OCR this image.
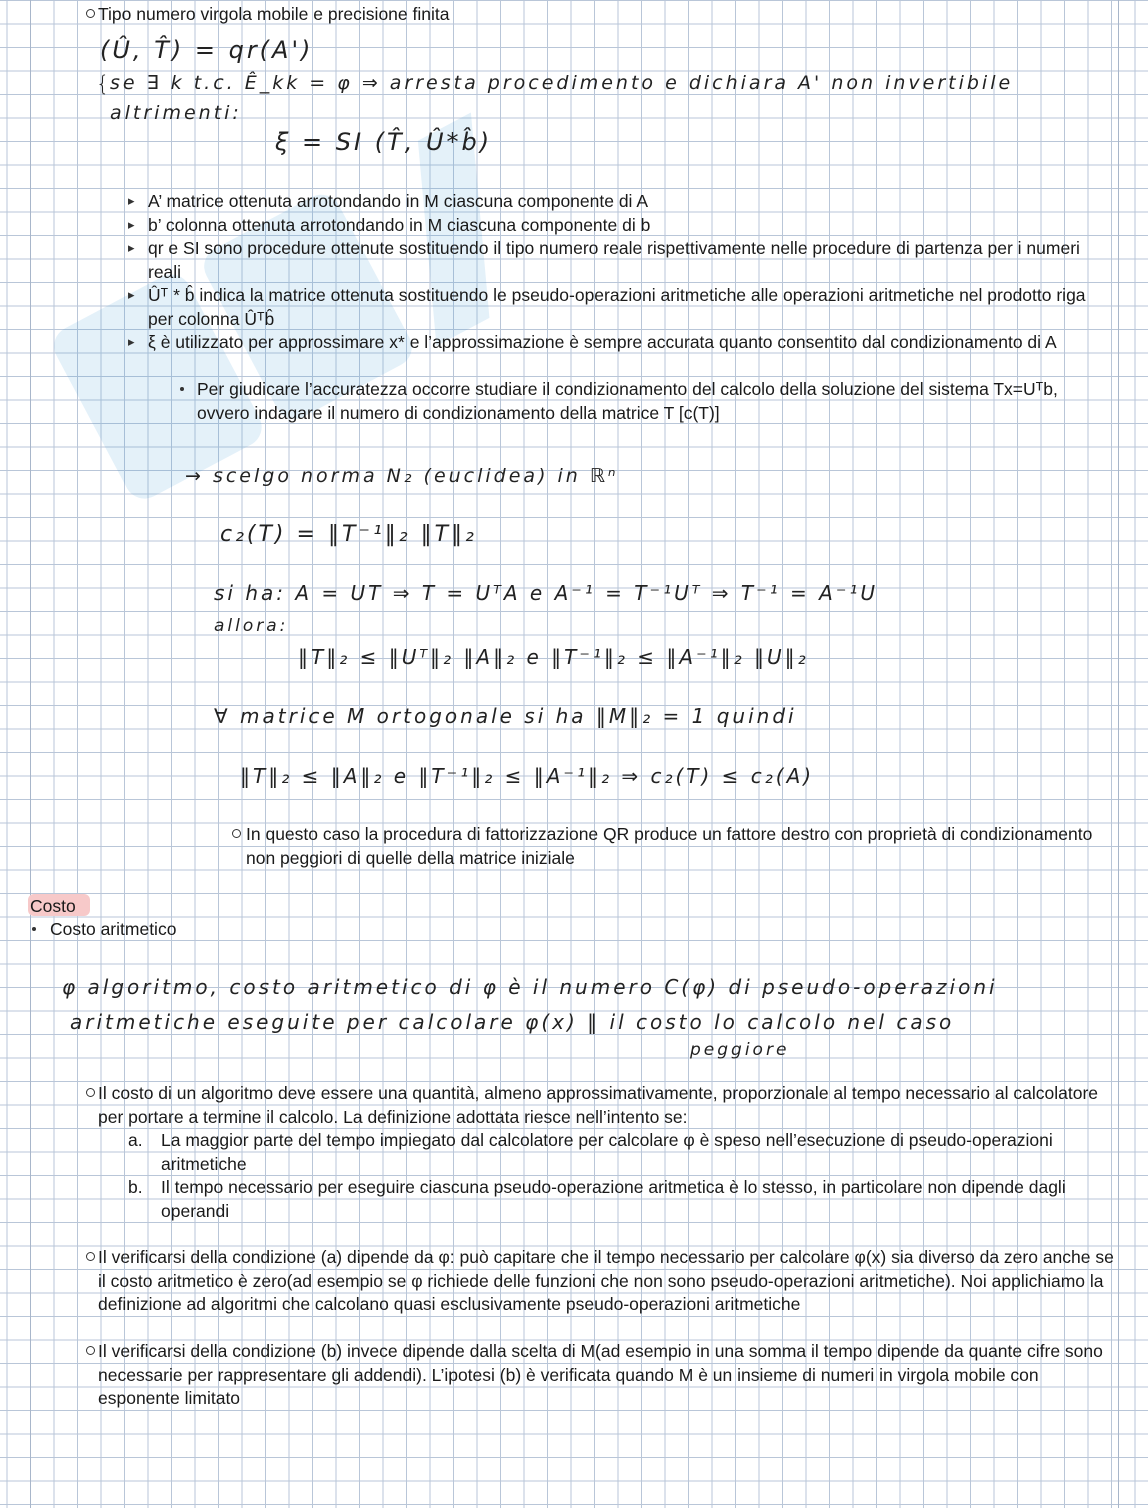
Tipo numero virgola mobile e precisione finita
(Û, T̂) = qr(A')
{
se ∃ k t.c. Ê_kk = φ ⇒ arresta procedimento e dichiara A' non invertibile
altrimenti:
ξ = SI (T̂, Û*b̂)
▸ A’ matrice ottenuta arrotondando in M ciascuna componente di A
▸ b’ colonna ottenuta arrotondando in M ciascuna componente di b
▸ qr e SI sono procedure ottenute sostituendo il tipo numero reale rispettivamente nelle procedure di partenza per i numeri reali
▸ Ûᵀ * b̂ indica la matrice ottenuta sostituendo le pseudo-operazioni aritmetiche alle operazioni aritmetiche nel prodotto riga per colonna Ûᵀb̂
▸ ξ è utilizzato per approssimare x* e l’approssimazione è sempre accurata quanto consentito dal condizionamento di A
Per giudicare l’accuratezza occorre studiare il condizionamento del calcolo della soluzione del sistema Tx=Uᵀb, ovvero indagare il numero di condizionamento della matrice T [c(T)]
→ scelgo norma N₂ (euclidea) in ℝⁿ
c₂(T) = ‖T⁻¹‖₂ ‖T‖₂
si ha: A = UT ⇒ T = UᵀA e A⁻¹ = T⁻¹Uᵀ ⇒ T⁻¹ = A⁻¹U
allora:
‖T‖₂ ≤ ‖Uᵀ‖₂ ‖A‖₂ e ‖T⁻¹‖₂ ≤ ‖A⁻¹‖₂ ‖U‖₂
∀ matrice M ortogonale si ha ‖M‖₂ = 1 quindi
‖T‖₂ ≤ ‖A‖₂ e ‖T⁻¹‖₂ ≤ ‖A⁻¹‖₂ ⇒ c₂(T) ≤ c₂(A)
In questo caso la procedura di fattorizzazione QR produce un fattore destro con proprietà di condizionamento non peggiori di quelle della matrice iniziale
Costo
Costo aritmetico
φ algoritmo, costo aritmetico di φ è il numero C(φ) di pseudo-operazioni
aritmetiche eseguite per calcolare φ(x) ‖ il costo lo calcolo nel caso
peggiore
Il costo di un algoritmo deve essere una quantità, almeno approssimativamente, proporzionale al tempo necessario al calcolatore per portare a termine il calcolo. La definizione adottata riesce nell’intento se:
a. La maggior parte del tempo impiegato dal calcolatore per calcolare φ è speso nell’esecuzione di pseudo-operazioni aritmetiche
b. Il tempo necessario per eseguire ciascuna pseudo-operazione aritmetica è lo stesso, in particolare non dipende dagli operandi
Il verificarsi della condizione (a) dipende da φ: può capitare che il tempo necessario per calcolare φ(x) sia diverso da zero anche se il costo aritmetico è zero(ad esempio se φ richiede delle funzioni che non sono pseudo-operazioni aritmetiche). Noi applichiamo la definizione ad algoritmi che calcolano quasi esclusivamente pseudo-operazioni aritmetiche
Il verificarsi della condizione (b) invece dipende dalla scelta di M(ad esempio in una somma il tempo dipende da quante cifre sono necessarie per rappresentare gli addendi). L’ipotesi (b) è verificata quando M è un insieme di numeri in virgola mobile con esponente limitato
